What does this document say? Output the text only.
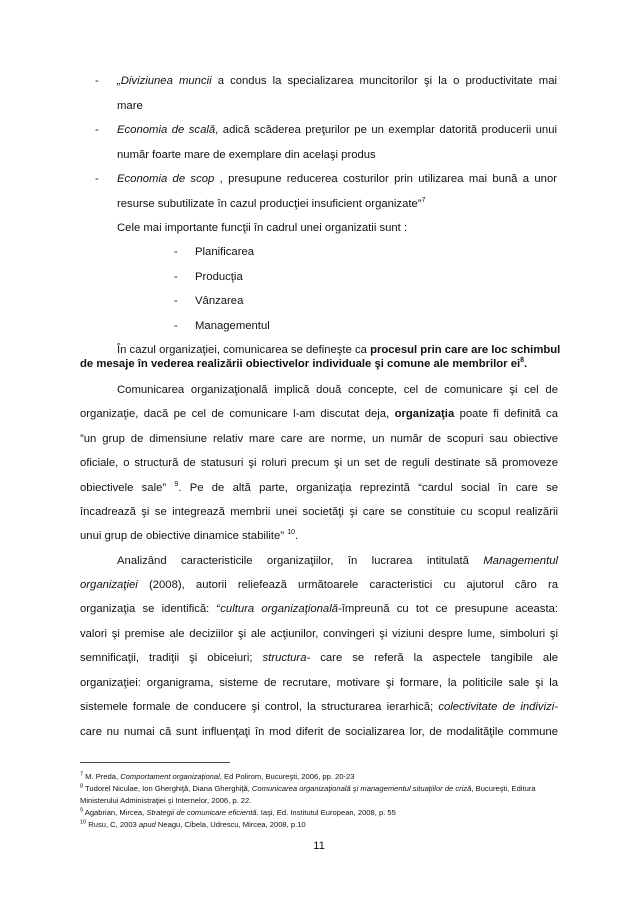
- „Diviziunea muncii a condus la specializarea muncitorilor şi la o productivitate mai
mare
- Economia de scală, adică scăderea preţurilor pe un exemplar datorită producerii unui
număr foarte mare de exemplare din acelaşi produs
- Economia de scop , presupune reducerea costurilor prin utilizarea mai bună a unor
resurse subutilizate în cazul producţiei insuficient organizate”$^7$
Cele mai importante funcţii în cadrul unei organizatii sunt :
- Planificarea
- Producţia
- Vânzarea
- Managementul
În cazul organizaţiei, comunicarea se defineşte ca procesul prin care are loc schimbul
de mesaje în vederea realizării obiectivelor individuale şi comune ale membrilor $ei^8$.
Comunicarea organizaţională implică două concepte, cel de comunicare şi cel de
organizaţie, dacă pe cel de comunicare l-am discutat deja, organizaţia poate fi definită ca
”un grup de dimensiune relativ mare care are norme, un număr de scopuri sau obiective
oficiale, o structură de statusuri şi roluri precum şi un set de reguli destinate să promoveze
obiectivele sale” $^9$. Pe de altă parte, organizaţia reprezintă “cardul social în care se
încadrează şi se integrează membrii unei societăţi şi care se constituie cu scopul realizării
unui grup de obiective dinamice stabilite” $^{10}$.
Analizând caracteristicile organizaţiilor, în lucrarea intitulată Managementul
organizaţiei (2008), autorii reliefează următoarele caracteristici cu ajutorul căro ra
organizaţia se identifică: “cultura organizaţională-împreună cu tot ce presupune aceasta:
valori şi premise ale deciziilor şi ale acţiunilor, convingeri şi viziuni despre lume, simboluri şi
semnificaţii, tradiţii şi obiceiuri; structura- care se referă la aspectele tangibile ale
organizaţiei: organigrama, sisteme de recrutare, motivare şi formare, la politicile sale şi la
sistemele formale de conducere şi control, la structurarea ierarhică; colectivitate de indivizi-
care nu numai că sunt influenţaţi în mod diferit de socializarea lor, de modalităţile commune
$^7$ M. Preda, Comportament organizaţional, Ed Polirom, Bucureşti, 2006, pp. 20-23
$^8$ Tudorel Niculae, Ion Gherghiţă, Diana Gherghiţă, Comunicarea organizaţională şi managementul situaţiilor de criză, Bucureşti, Editura
Ministerului Administraţiei şi Internelor, 2006, p. 22.
$^9$ Agabrian, Mircea, Strategii de comunicare eficientă. Iaşi, Ed. Institutul European, 2008, p. 55
$^{10}$ Rusu, C, 2003 apud Neagu, Cibela, Udrescu, Mircea, 2008, p.10
11
